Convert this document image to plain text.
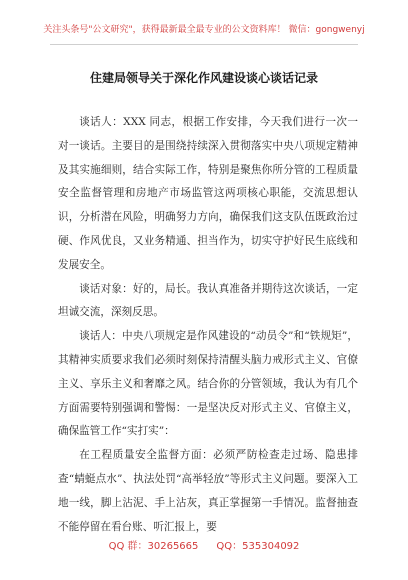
关注头条号"公文研究"，获得最新最全最专业的公文资料库！ 微信：gongwenyj
住建局领导关于深化作风建设谈心谈话记录

谈话人：XXX 同志，根据工作安排，今天我们进行一次一对一谈话。主要目的是围绕持续深入贯彻落实中央八项规定精神及其实施细则，结合实际工作，特别是聚焦你所分管的工程质量安全监督管理和房地产市场监管这两项核心职能，交流思想认识，分析潜在风险，明确努力方向，确保我们这支队伍既政治过硬、作风优良，又业务精通、担当作为，切实守护好民生底线和发展安全。

谈话对象：好的，局长。我认真准备并期待这次谈话，一定坦诚交流，深刻反思。

谈话人：中央八项规定是作风建设的“动员令”和“铁规矩”，其精神实质要求我们必须时刻保持清醒头脑力戒形式主义、官僚主义、享乐主义和奢靡之风。结合你的分管领域，我认为有几个方面需要特别强调和警惕：一是坚决反对形式主义、官僚主义，确保监管工作“实打实”：

在工程质量安全监督方面：必须严防检查走过场、隐患排查“蜻蜓点水”、执法处罚“高举轻放”等形式主义问题。要深入工地一线，脚上沾泥、手上沾灰，真正掌握第一手情况。监督抽查不能停留在看台账、听汇报上，要

QQ 群：30265665 QQ：535304092
